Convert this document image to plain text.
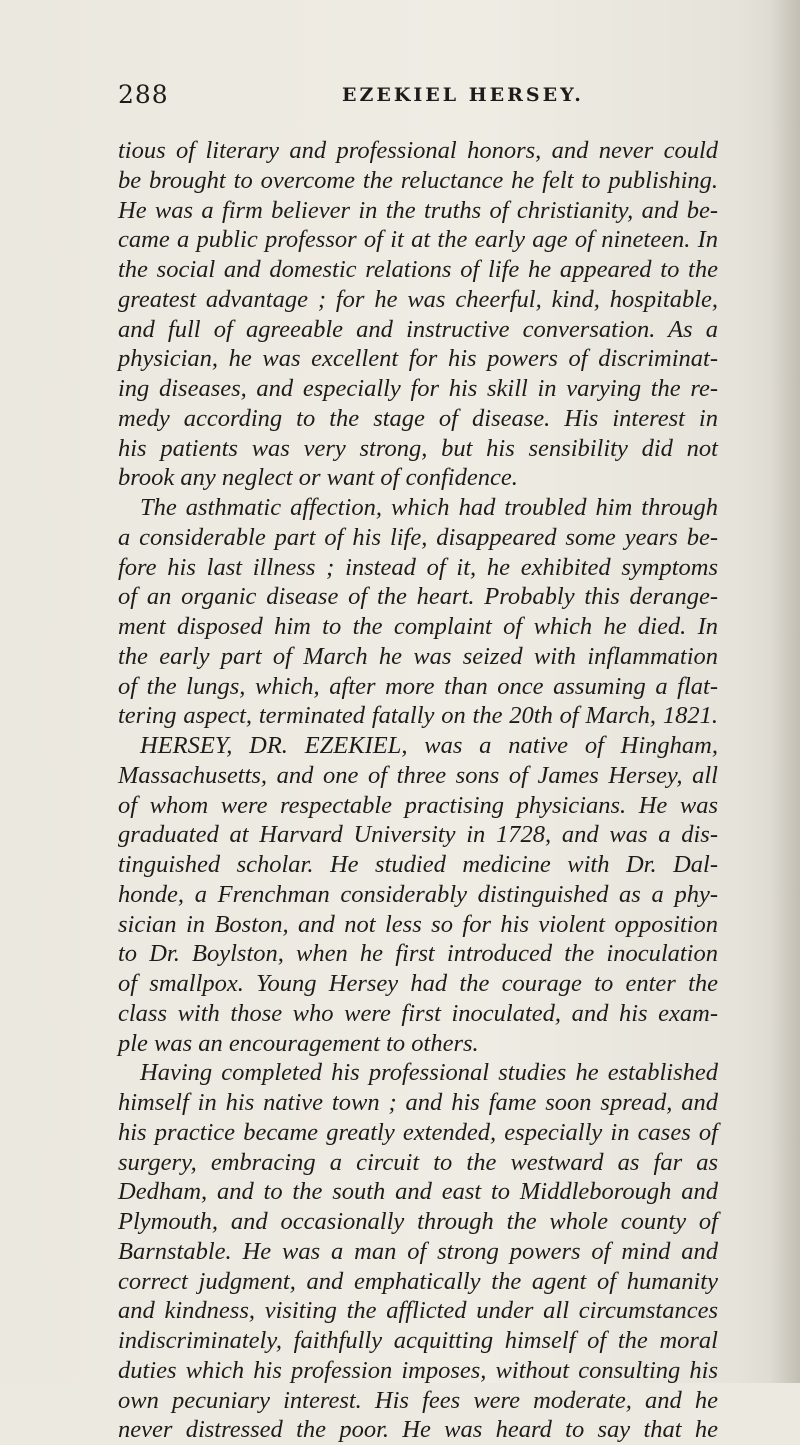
288	EZEKIEL HERSEY.
tious of literary and professional honors, and never could
be brought to overcome the reluctance he felt to publishing.
He was a firm believer in the truths of christianity, and be-
came a public professor of it at the early age of nineteen. In
the social and domestic relations of life he appeared to the
greatest advantage ; for he was cheerful, kind, hospitable,
and full of agreeable and instructive conversation. As a
physician, he was excellent for his powers of discriminat-
ing diseases, and especially for his skill in varying the re-
medy according to the stage of disease. His interest in
his patients was very strong, but his sensibility did not
brook any neglect or want of confidence.
The asthmatic affection, which had troubled him through
a considerable part of his life, disappeared some years be-
fore his last illness ; instead of it, he exhibited symptoms
of an organic disease of the heart. Probably this derange-
ment disposed him to the complaint of which he died. In
the early part of March he was seized with inflammation
of the lungs, which, after more than once assuming a flat-
tering aspect, terminated fatally on the 20th of March, 1821.
HERSEY, DR. EZEKIEL, was a native of Hingham,
Massachusetts, and one of three sons of James Hersey, all
of whom were respectable practising physicians. He was
graduated at Harvard University in 1728, and was a dis-
tinguished scholar. He studied medicine with Dr. Dal-
honde, a Frenchman considerably distinguished as a phy-
sician in Boston, and not less so for his violent opposition
to Dr. Boylston, when he first introduced the inoculation
of smallpox. Young Hersey had the courage to enter the
class with those who were first inoculated, and his exam-
ple was an encouragement to others.
Having completed his professional studies he established
himself in his native town ; and his fame soon spread, and
his practice became greatly extended, especially in cases of
surgery, embracing a circuit to the westward as far as
Dedham, and to the south and east to Middleborough and
Plymouth, and occasionally through the whole county of
Barnstable. He was a man of strong powers of mind and
correct judgment, and emphatically the agent of humanity
and kindness, visiting the afflicted under all circumstances
indiscriminately, faithfully acquitting himself of the moral
duties which his profession imposes, without consulting his
own pecuniary interest. His fees were moderate, and he
never distressed the poor. He was heard to say that he
